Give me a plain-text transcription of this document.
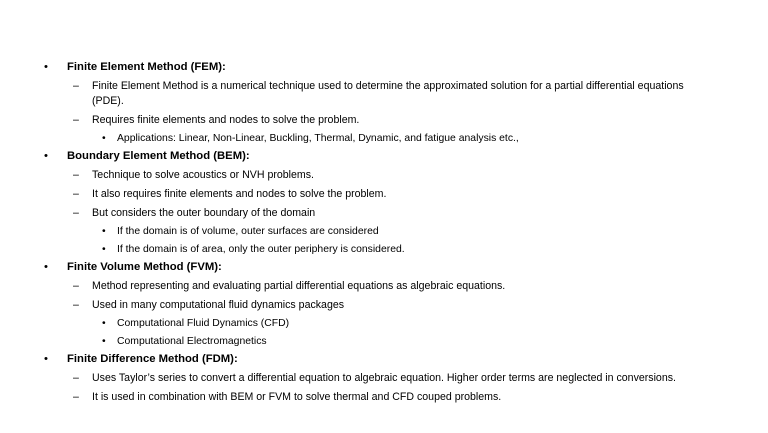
• Finite Element Method (FEM):
– Finite Element Method is a numerical technique used to determine the approximated solution for a partial differential equations (PDE).
– Requires finite elements and nodes to solve the problem.
• Applications: Linear, Non-Linear, Buckling, Thermal, Dynamic, and fatigue analysis etc.,
• Boundary Element Method (BEM):
– Technique to solve acoustics or NVH problems.
– It also requires finite elements and nodes to solve the problem.
– But considers the outer boundary of the domain
• If the domain is of volume, outer surfaces are considered
• If the domain is of area, only the outer periphery is considered.
• Finite Volume Method (FVM):
– Method representing and evaluating partial differential equations as algebraic equations.
– Used in many computational fluid dynamics packages
• Computational Fluid Dynamics (CFD)
• Computational Electromagnetics
• Finite Difference Method (FDM):
– Uses Taylor’s series to convert a differential equation to algebraic equation. Higher order terms are neglected in conversions.
– It is used in combination with BEM or FVM to solve thermal and CFD couped problems.
